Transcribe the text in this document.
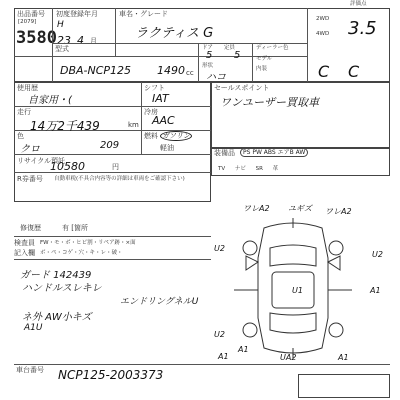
出品番号
[2079]
3580
初度登録年月
H
23 4 月
車名・グレード
ラクティス G
2WD
4WD
評価点
3.5
型式
DBA-NCP125 1490 cc
ドア
5
定員
5
形状
ハコ
ディーラー色
モデル
内装	C C
使用歴
自家用・(
シフト
IAT
冷房
AAC
走行
14万2千439	km
燃料 ガソリン
軽油
色
クロ	209
リサイクル預託
10580	円
R券番号 自動車税(不具合内容等の詳細は車両をご確認下さい)
セールスポイント
ワンユーザー買取車
装備品	PS PW ABS エアB AW
TV ナビ SR 革
修復歴	有 [箇所
検査員 FW・モ・ボ・ヒビ割・リペア跡・×面
記入欄 ボ・ペ・コゲ・穴・キ・レ・破・
ガード 142439
ハンドルスレキレ
エンドリングネルU
ネ外 AW小キズ
A1U
ワレA2 ユギズ ワレA2
U2
U2
U1	A1
U2
A1
A1	UA2	A1
車台番号 NCP125-2003373
